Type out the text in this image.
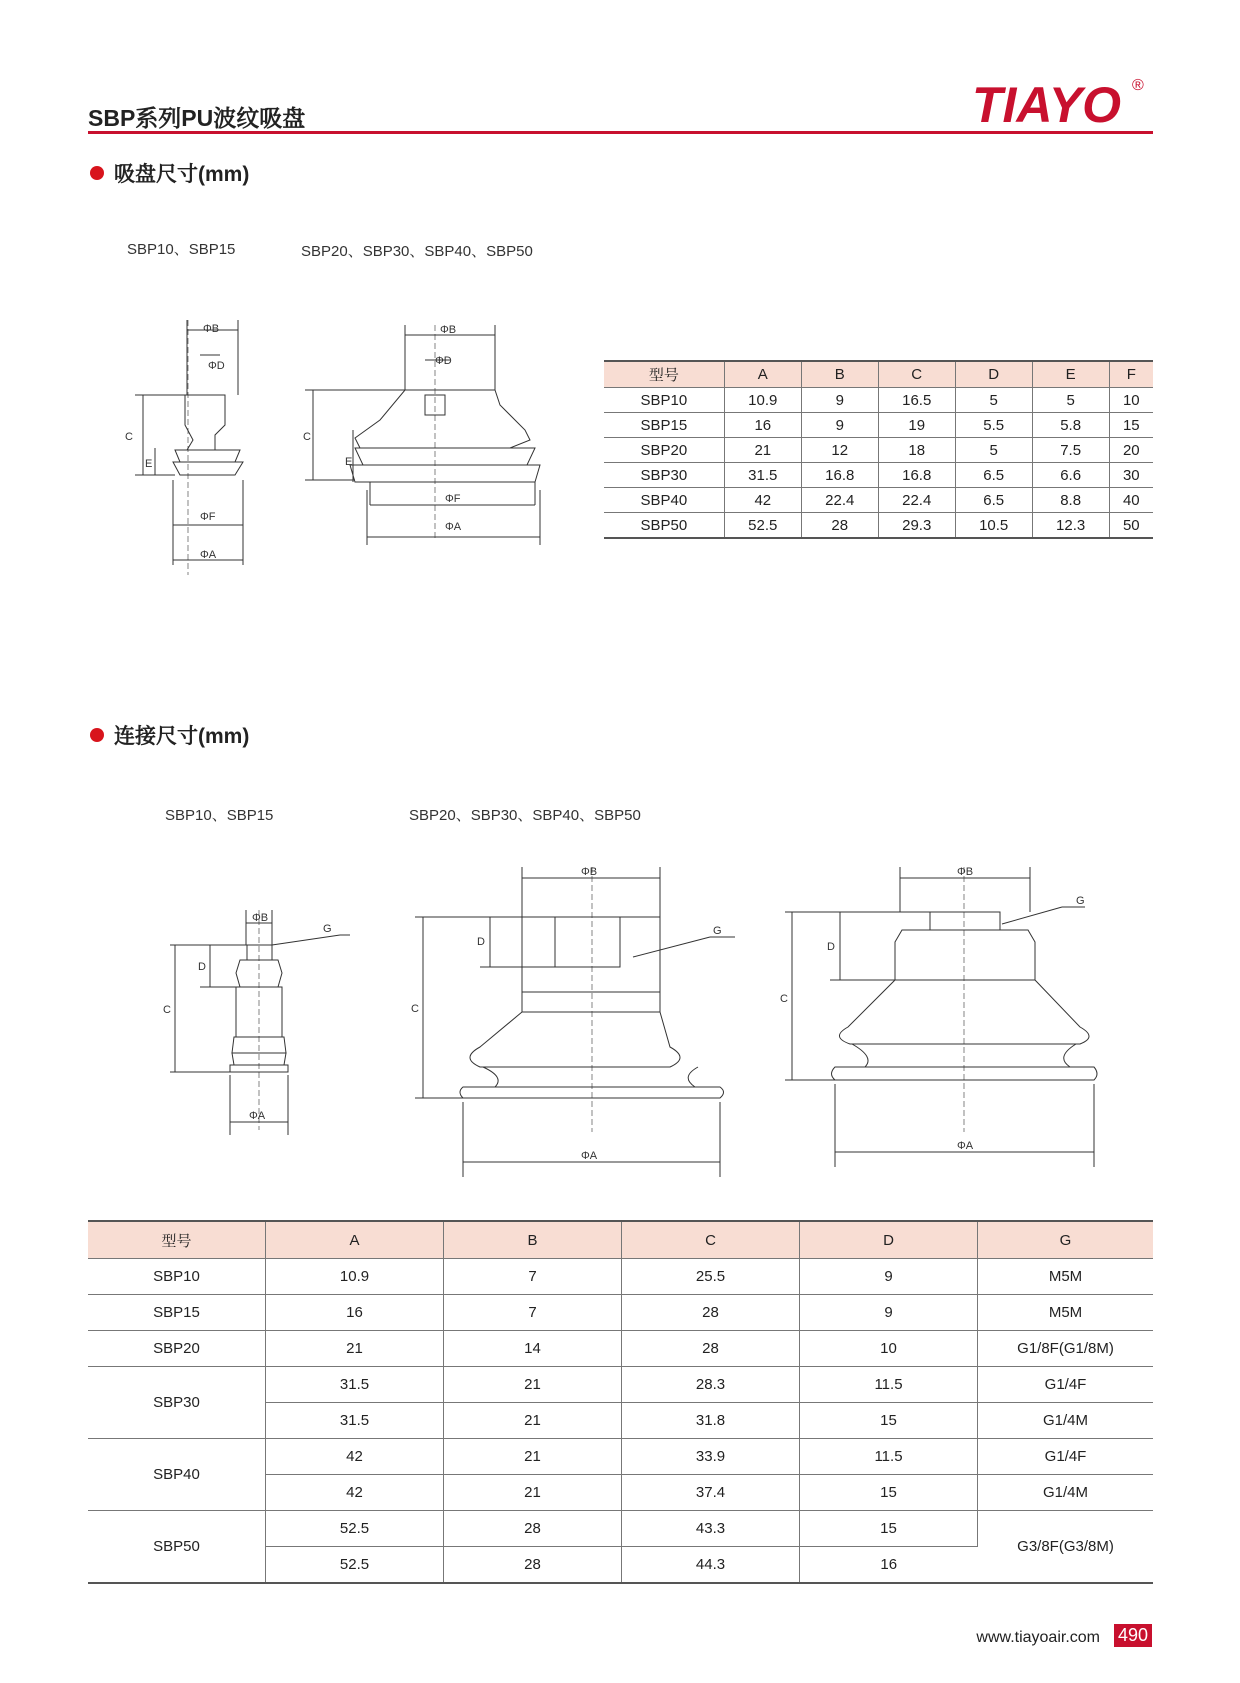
SBP系列PU波纹吸盘	TIAYO ®
吸盘尺寸(mm)
SBP10、SBP15	SBP20、SBP30、SBP40、SBP50
ΦB
ΦD
C
E
ΦF
ΦA
ΦB
ΦD
C
E
ΦF
ΦA
型号	A	B	C	D	E	F
SBP10	10.9	9	16.5	5	5	10
SBP15	16	9	19	5.5	5.8	15
SBP20	21	12	18	5	7.5	20
SBP30	31.5	16.8	16.8	6.5	6.6	30
SBP40	42	22.4	22.4	6.5	8.8	40
SBP50	52.5	28	29.3	10.5	12.3	50
连接尺寸(mm)
SBP10、SBP15	SBP20、SBP30、SBP40、SBP50
ΦB
G
C
D
ΦA
ΦB
G
C
D
ΦA
ΦB
G
C
D
ΦA
型号	A	B	C	D	G
SBP10	10.9	7	25.5	9	M5M
SBP15	16	7	28	9	M5M
SBP20	21	14	28	10	G1/8F(G1/8M)
SBP30	31.5	21	28.3	11.5	G1/4F
	31.5	21	31.8	15	G1/4M
SBP40	42	21	33.9	11.5	G1/4F
	42	21	37.4	15	G1/4M
SBP50	52.5	28	43.3	15	G3/8F(G3/8M)
	52.5	28	44.3	16	
www.tiayoair.com 490
